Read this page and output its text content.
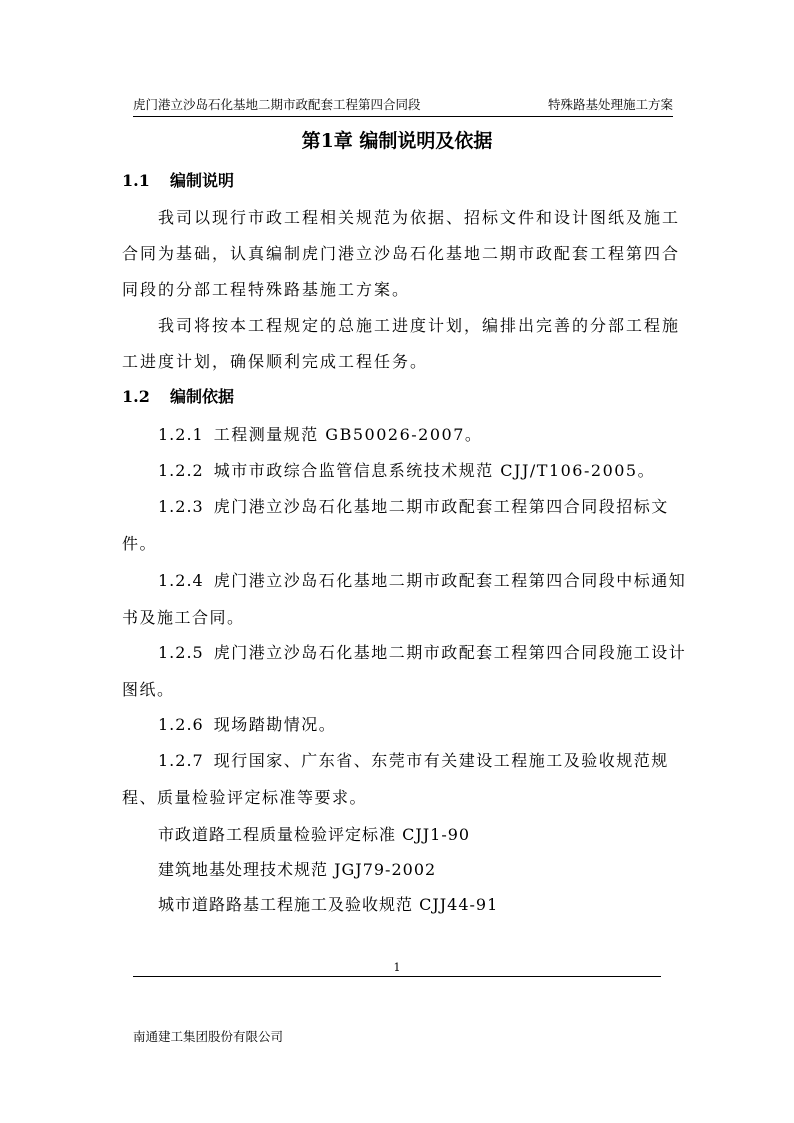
虎门港立沙岛石化基地二期市政配套工程第四合同段	特殊路基处理施工方案
第1章 编制说明及依据
1.1 编制说明
我司以现行市政工程相关规范为依据、招标文件和设计图纸及施工合同为基础，认真编制虎门港立沙岛石化基地二期市政配套工程第四合同段的分部工程特殊路基施工方案。
我司将按本工程规定的总施工进度计划，编排出完善的分部工程施工进度计划，确保顺利完成工程任务。
1.2 编制依据
1.2.1 工程测量规范 GB50026-2007。
1.2.2 城市市政综合监管信息系统技术规范 CJJ/T106-2005。
1.2.3 虎门港立沙岛石化基地二期市政配套工程第四合同段招标文件。
1.2.4 虎门港立沙岛石化基地二期市政配套工程第四合同段中标通知书及施工合同。
1.2.5 虎门港立沙岛石化基地二期市政配套工程第四合同段施工设计图纸。
1.2.6 现场踏勘情况。
1.2.7 现行国家、广东省、东莞市有关建设工程施工及验收规范规程、质量检验评定标准等要求。
市政道路工程质量检验评定标准 CJJ1-90
建筑地基处理技术规范 JGJ79-2002
城市道路路基工程施工及验收规范 CJJ44-91
1
南通建工集团股份有限公司
